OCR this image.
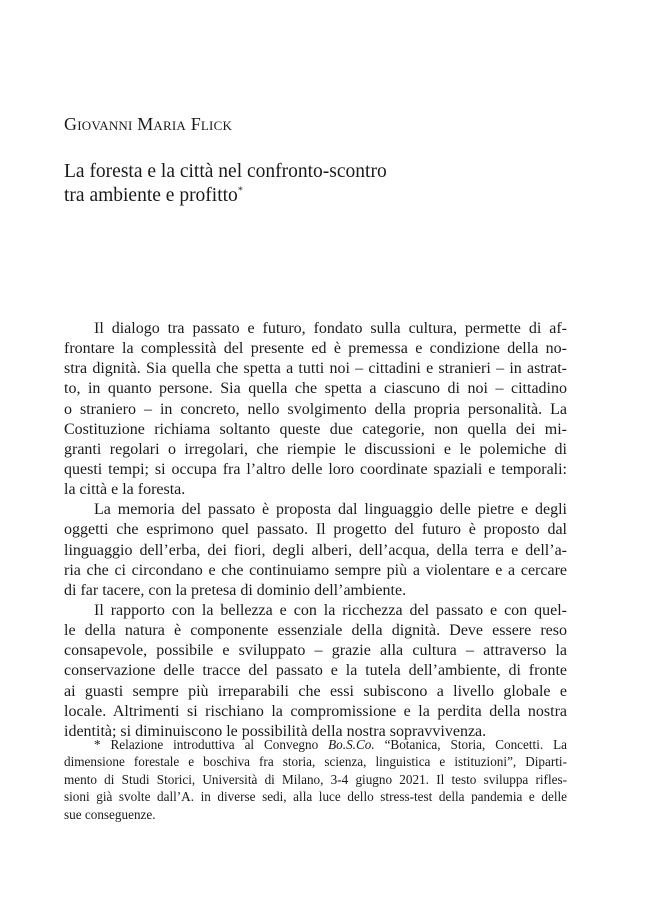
Giovanni Maria Flick
La foresta e la città nel confronto-scontro
tra ambiente e profitto*
Il dialogo tra passato e futuro, fondato sulla cultura, permette di af-
frontare la complessità del presente ed è premessa e condizione della no-
stra dignità. Sia quella che spetta a tutti noi – cittadini e stranieri – in astrat-
to, in quanto persone. Sia quella che spetta a ciascuno di noi – cittadino
o straniero – in concreto, nello svolgimento della propria personalità. La
Costituzione richiama soltanto queste due categorie, non quella dei mi-
granti regolari o irregolari, che riempie le discussioni e le polemiche di
questi tempi; si occupa fra l’altro delle loro coordinate spaziali e temporali:
la città e la foresta.
La memoria del passato è proposta dal linguaggio delle pietre e degli
oggetti che esprimono quel passato. Il progetto del futuro è proposto dal
linguaggio dell’erba, dei fiori, degli alberi, dell’acqua, della terra e dell’a-
ria che ci circondano e che continuiamo sempre più a violentare e a cercare
di far tacere, con la pretesa di dominio dell’ambiente.
Il rapporto con la bellezza e con la ricchezza del passato e con quel-
le della natura è componente essenziale della dignità. Deve essere reso
consapevole, possibile e sviluppato – grazie alla cultura – attraverso la
conservazione delle tracce del passato e la tutela dell’ambiente, di fronte
ai guasti sempre più irreparabili che essi subiscono a livello globale e
locale. Altrimenti si rischiano la compromissione e la perdita della nostra
identità; si diminuiscono le possibilità della nostra sopravvivenza.
* Relazione introduttiva al Convegno Bo.S.Co. “Botanica, Storia, Concetti. La
dimensione forestale e boschiva fra storia, scienza, linguistica e istituzioni”, Diparti-
mento di Studi Storici, Università di Milano, 3-4 giugno 2021. Il testo sviluppa rifles-
sioni già svolte dall’A. in diverse sedi, alla luce dello stress-test della pandemia e delle
sue conseguenze.
